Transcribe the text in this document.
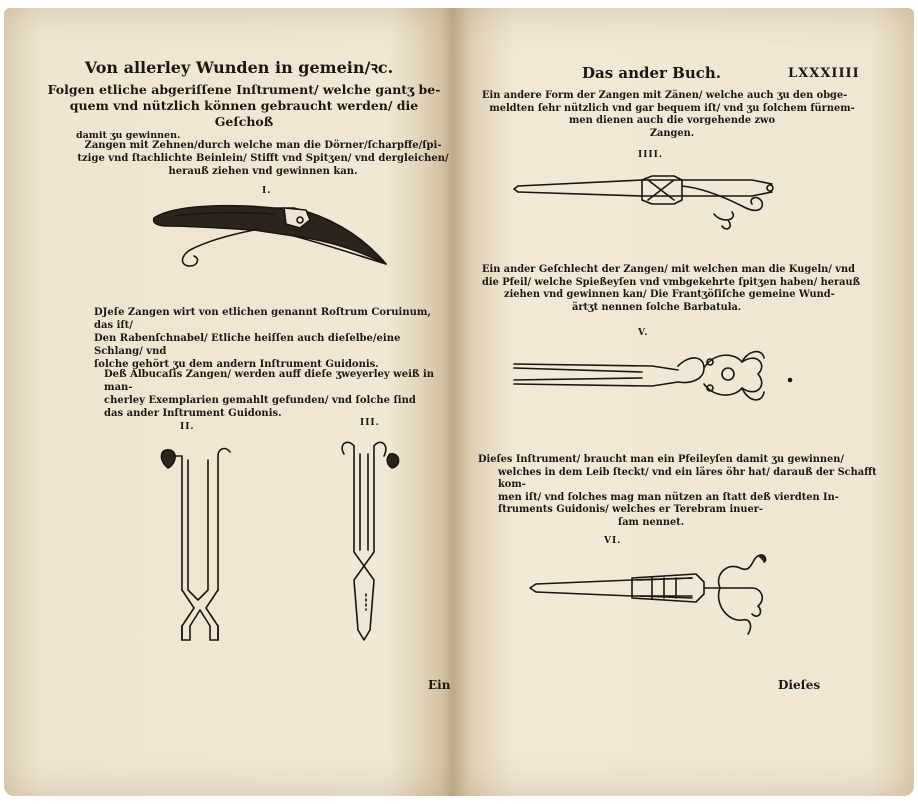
Von allerley Wunden in gemein/ꝛc.
Folgen etliche abgeriſſene Inſtrument/ welche gantʒ be-
quem vnd nützlich können gebraucht werden/ die Geſchoß
damit ʒu gewinnen.
Zangen mit Zehnen/durch welche man die Dörner/ſcharpffe/ſpi-
tzige vnd ſtachlichte Beinlein/ Stifft vnd Spitʒen/ vnd dergleichen/
herauß ziehen vnd gewinnen kan.
I.
DJeſe Zangen wirt von etlichen genannt Roſtrum Coruinum, das iſt/
Den Rabenſchnabel/ Etliche heiſſen auch dieſelbe/eine Schlang/ vnd
ſolche gehört ʒu dem andern Inſtrument Guidonis.
Deß Albucaſis Zangen/ werden auff dieſe ʒweyerley weiß in man-
cherley Exemplarien gemahlt gefunden/ vnd ſolche ſind
das ander Inſtrument Guidonis.
II.	III.
Ein
Das ander Buch.	LXXXIIII
Ein andere Form der Zangen mit Zänen/ welche auch ʒu den obge-
meldten ſehr nützlich vnd gar bequem iſt/ vnd ʒu ſolchem fürnem-
men dienen auch die vorgehende zwo
Zangen.
IIII.
Ein ander Geſchlecht der Zangen/ mit welchen man die Kugeln/ vnd
die Pfeil/ welche Spießeyſen vnd vmbgekehrte ſpitʒen haben/ herauß
ziehen vnd gewinnen kan/ Die Frantʒöſiſche gemeine Wund-
ärtʒt nennen ſolche Barbatula.
V.
Dieſes Inſtrument/ braucht man ein Pfeileyſen damit ʒu gewinnen/
welches in dem Leib ſteckt/ vnd ein läres öhr hat/ darauß der Schafft kom-
men iſt/ vnd ſolches mag man nützen an ſtatt deß vierdten In-
ſtruments Guidonis/ welches er Terebram inuer-
ſam nennet.
VI.
Dieſes
